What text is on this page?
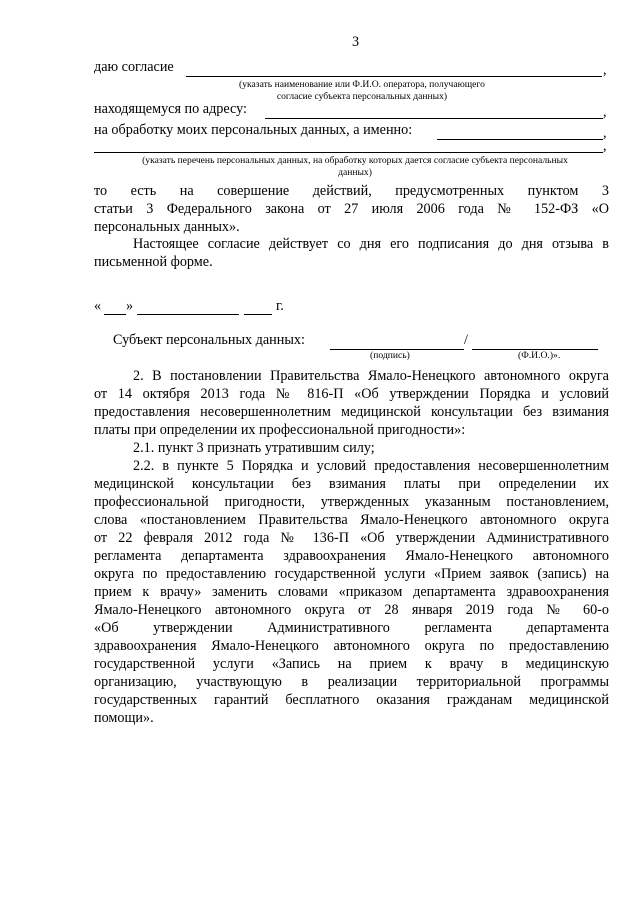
3
даю согласие	,
(указать наименование или Ф.И.О. оператора, получающего согласие субъекта персональных данных)
находящемуся по адресу:	,
на обработку моих персональных данных, а именно:	,
,
(указать перечень персональных данных, на обработку которых дается согласие субъекта персональных данных)
то есть на совершение действий, предусмотренных пунктом 3
статьи 3 Федерального закона от 27 июля 2006 года № 152-ФЗ «О
персональных данных».
Настоящее согласие действует со дня его подписания до дня отзыва в
письменной форме.
« »	г.
Субъект персональных данных:	/
(подпись)	(Ф.И.О.)».
2. В постановлении Правительства Ямало-Ненецкого автономного округа
от 14 октября 2013 года № 816-П «Об утверждении Порядка и условий
предоставления несовершеннолетним медицинской консультации без взимания
платы при определении их профессиональной пригодности»:
2.1. пункт 3 признать утратившим силу;
2.2. в пункте 5 Порядка и условий предоставления несовершеннолетним
медицинской консультации без взимания платы при определении их
профессиональной пригодности, утвержденных указанным постановлением,
слова «постановлением Правительства Ямало-Ненецкого автономного округа
от 22 февраля 2012 года № 136-П «Об утверждении Административного
регламента департамента здравоохранения Ямало-Ненецкого автономного
округа по предоставлению государственной услуги «Прием заявок (запись) на
прием к врачу» заменить словами «приказом департамента здравоохранения
Ямало-Ненецкого автономного округа от 28 января 2019 года № 60-о
«Об утверждении Административного регламента департамента
здравоохранения Ямало-Ненецкого автономного округа по предоставлению
государственной услуги «Запись на прием к врачу в медицинскую
организацию, участвующую в реализации территориальной программы
государственных гарантий бесплатного оказания гражданам медицинской
помощи».
